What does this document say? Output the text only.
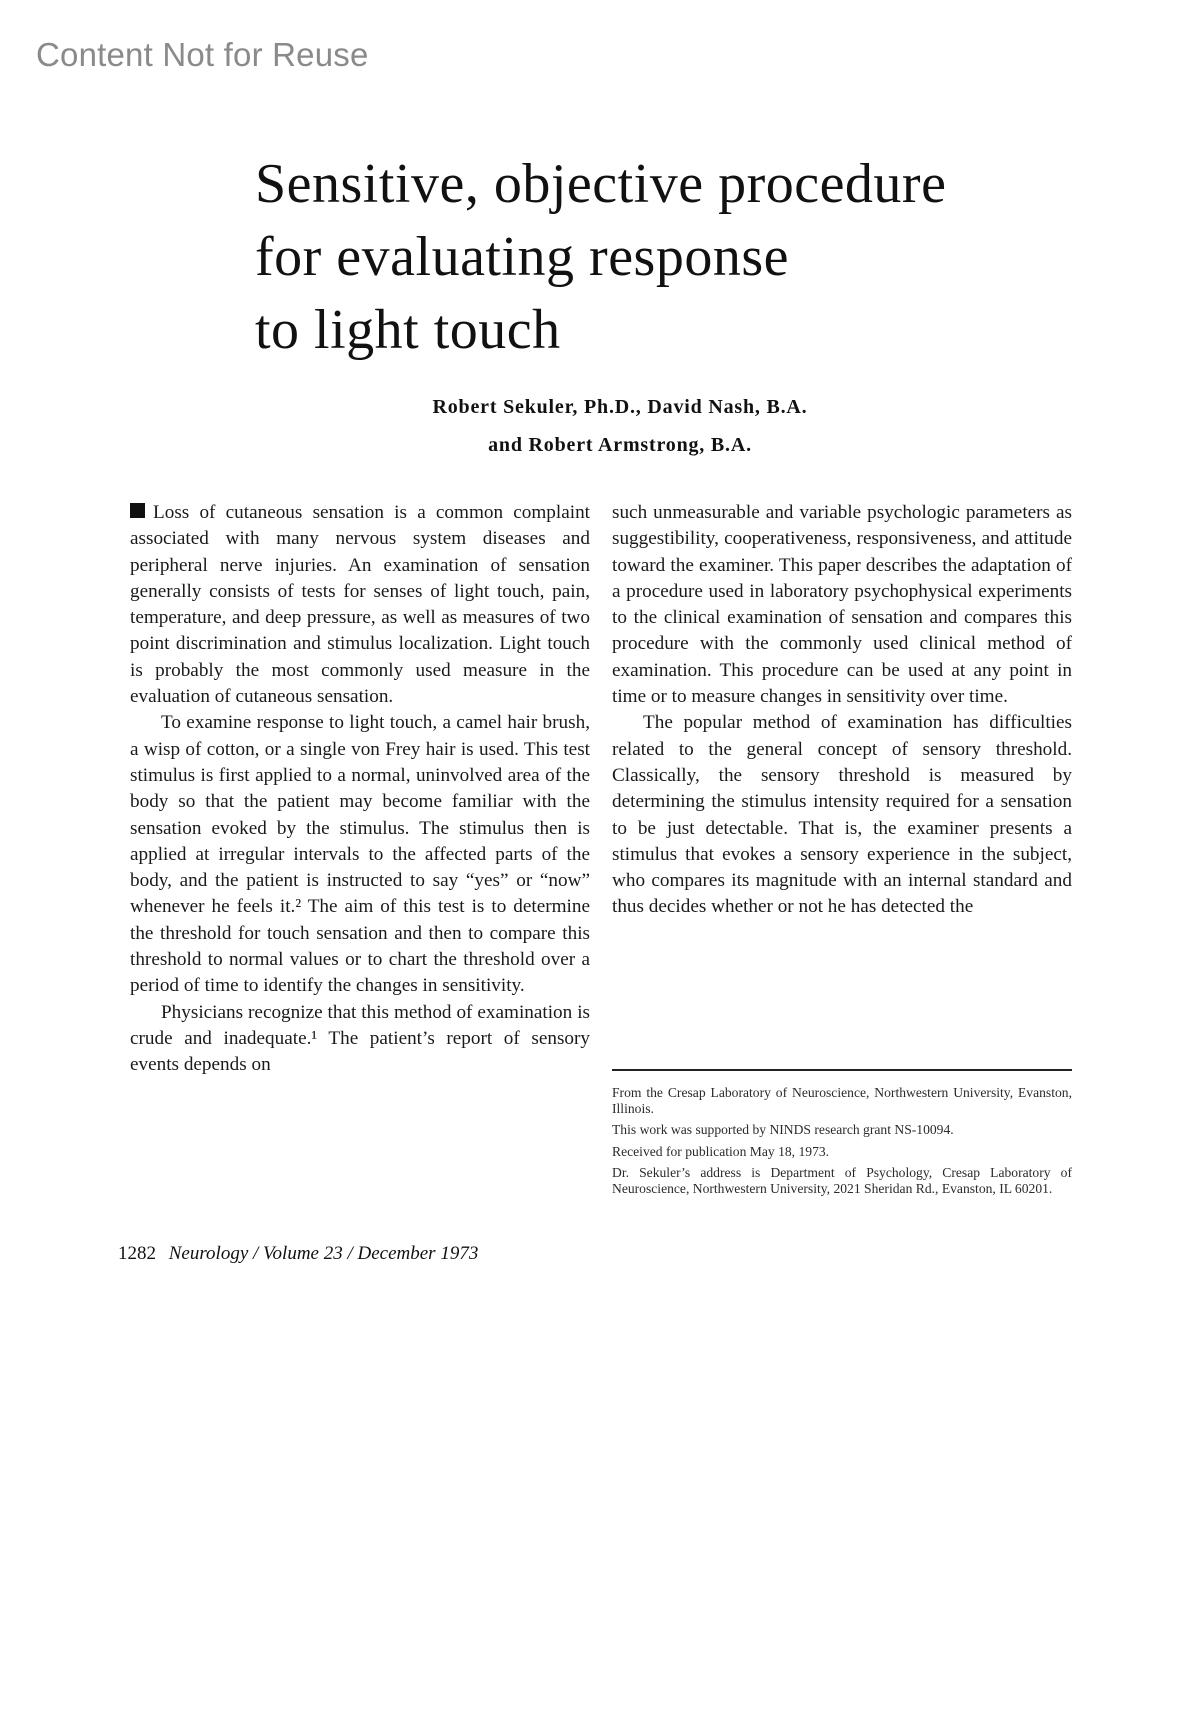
Content Not for Reuse
Sensitive, objective procedure
for evaluating response
to light touch
Robert Sekuler, Ph.D., David Nash, B.A.
and Robert Armstrong, B.A.

Loss of cutaneous sensation is a common complaint associated with many nervous system diseases and peripheral nerve injuries. An examination of sensation generally consists of tests for senses of light touch, pain, temperature, and deep pressure, as well as measures of two point discrimination and stimulus localization. Light touch is probably the most commonly used measure in the evaluation of cutaneous sensation.

To examine response to light touch, a camel hair brush, a wisp of cotton, or a single von Frey hair is used. This test stimulus is first applied to a normal, uninvolved area of the body so that the patient may become familiar with the sensation evoked by the stimulus. The stimulus then is applied at irregular intervals to the affected parts of the body, and the patient is instructed to say “yes” or “now” whenever he feels it.² The aim of this test is to determine the threshold for touch sensation and then to compare this threshold to normal values or to chart the threshold over a period of time to identify the changes in sensitivity.

Physicians recognize that this method of examination is crude and inadequate.¹ The patient’s report of sensory events depends on

such unmeasurable and variable psychologic parameters as suggestibility, cooperativeness, responsiveness, and attitude toward the examiner. This paper describes the adaptation of a procedure used in laboratory psychophysical experiments to the clinical examination of sensation and compares this procedure with the commonly used clinical method of examination. This procedure can be used at any point in time or to measure changes in sensitivity over time.

The popular method of examination has difficulties related to the general concept of sensory threshold. Classically, the sensory threshold is measured by determining the stimulus intensity required for a sensation to be just detectable. That is, the examiner presents a stimulus that evokes a sensory experience in the subject, who compares its magnitude with an internal standard and thus decides whether or not he has detected the

From the Cresap Laboratory of Neuroscience, Northwestern University, Evanston, Illinois.

This work was supported by NINDS research grant NS-10094.

Received for publication May 18, 1973.

Dr. Sekuler’s address is Department of Psychology, Cresap Laboratory of Neuroscience, Northwestern University, 2021 Sheridan Rd., Evanston, IL 60201.

1282 Neurology / Volume 23 / December 1973
